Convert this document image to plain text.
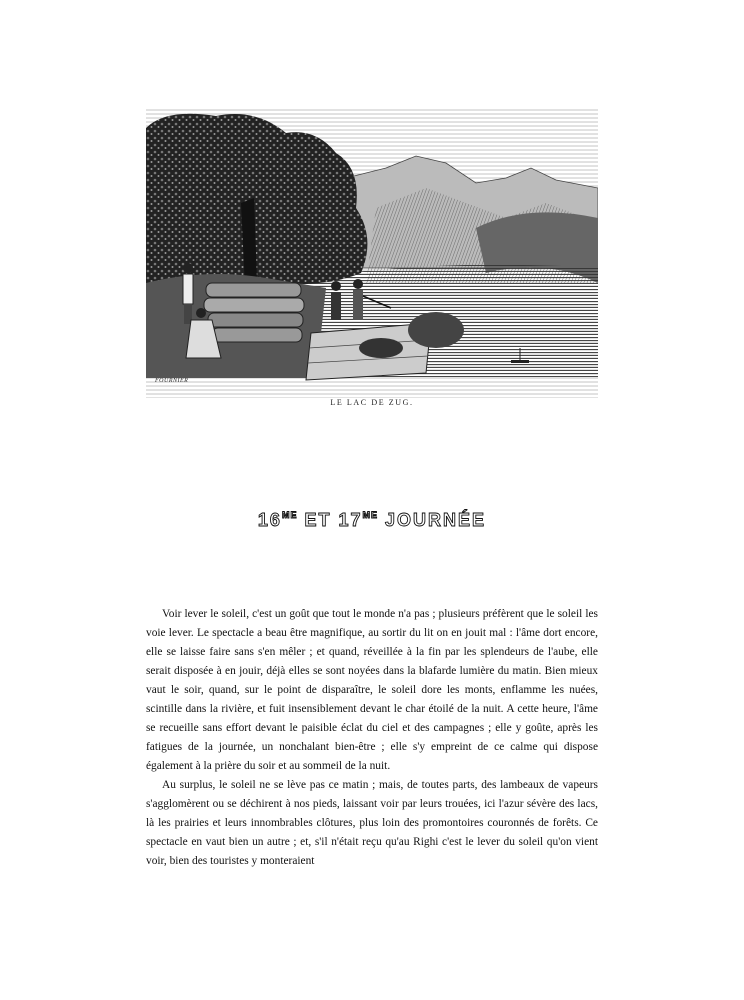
FOURNIER
LE LAC DE ZUG.
$16^{ME}$ ET $17^{ME}$ JOURNÉE

Voir lever le soleil, c'est un goût que tout le monde n'a pas ; plusieurs préfèrent que le soleil les voie lever. Le spectacle a beau être magnifique, au sortir du lit on en jouit mal : l'âme dort encore, elle se laisse faire sans s'en mêler ; et quand, réveillée à la fin par les splendeurs de l'aube, elle serait disposée à en jouir, déjà elles se sont noyées dans la blafarde lumière du matin. Bien mieux vaut le soir, quand, sur le point de disparaître, le soleil dore les monts, enflamme les nuées, scintille dans la rivière, et fuit insensiblement devant le char étoilé de la nuit. A cette heure, l'âme se recueille sans effort devant le paisible éclat du ciel et des campagnes ; elle y goûte, après les fatigues de la journée, un nonchalant bien-être ; elle s'y empreint de ce calme qui dispose également à la prière du soir et au sommeil de la nuit.

Au surplus, le soleil ne se lève pas ce matin ; mais, de toutes parts, des lambeaux de vapeurs s'agglomèrent ou se déchirent à nos pieds, laissant voir par leurs trouées, ici l'azur sévère des lacs, là les prairies et leurs innombrables clôtures, plus loin des promontoires couronnés de forêts. Ce spectacle en vaut bien un autre ; et, s'il n'était reçu qu'au Righi c'est le lever du soleil qu'on vient voir, bien des touristes y monteraient
